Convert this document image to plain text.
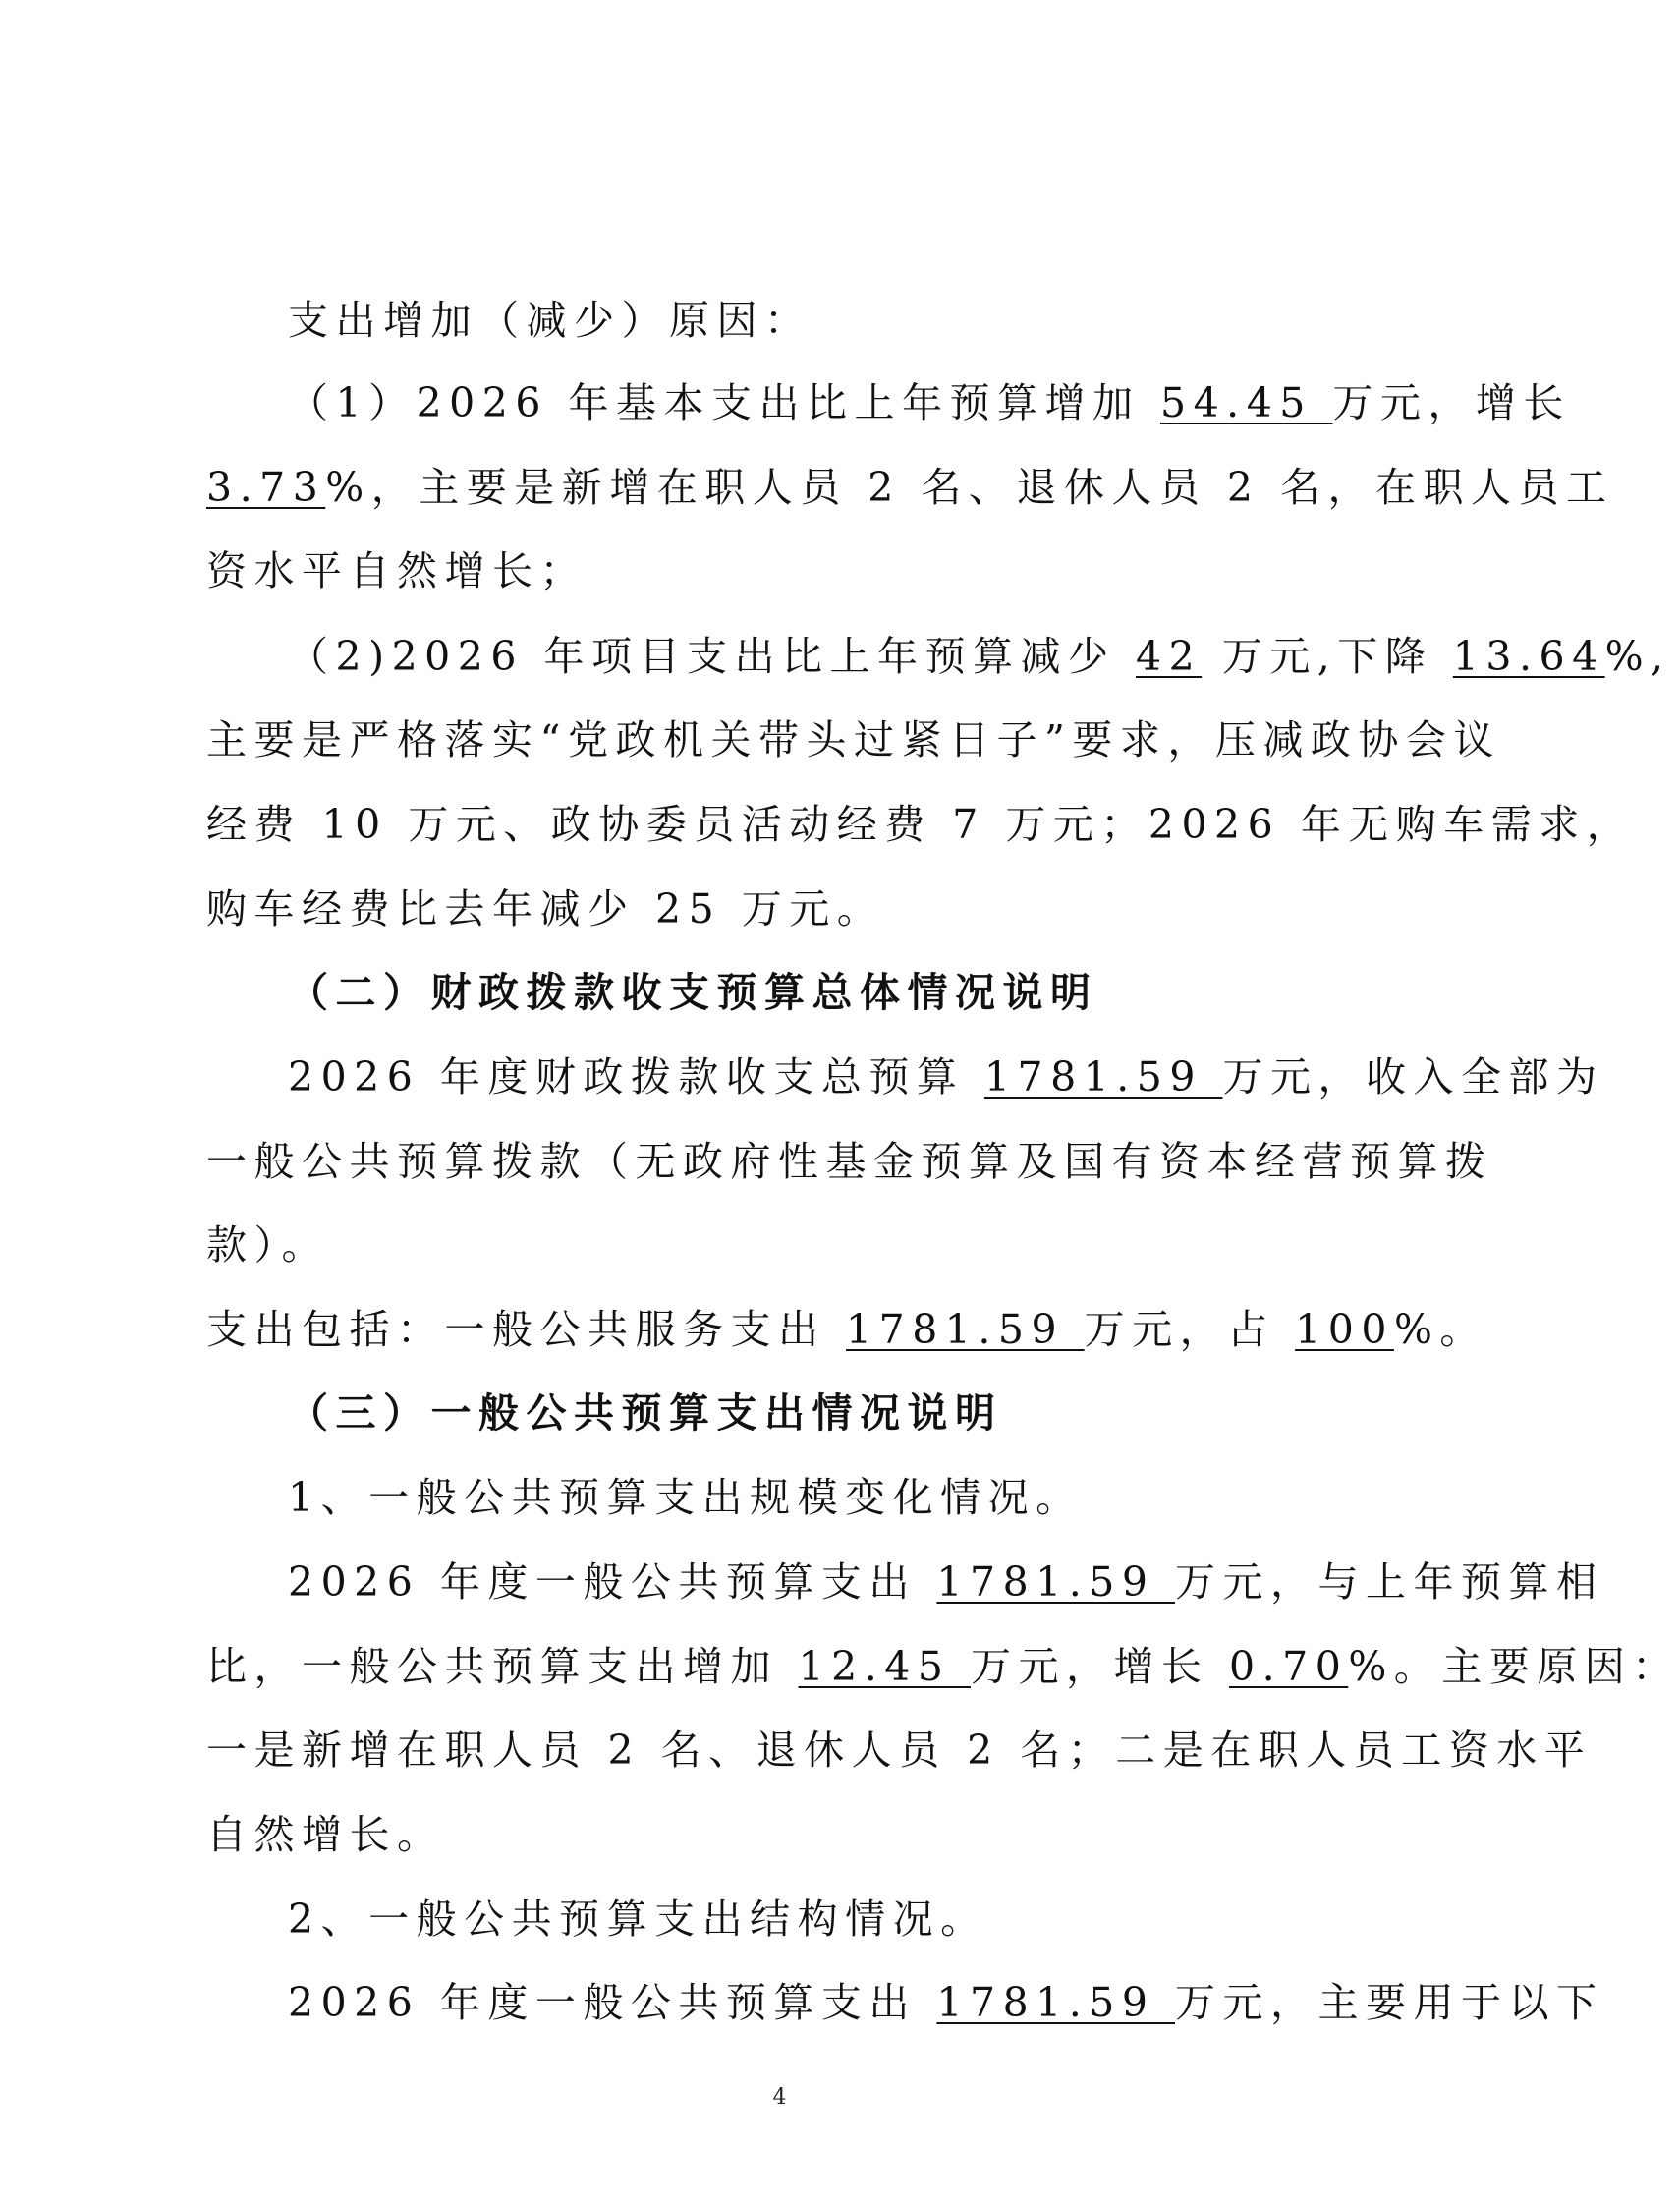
支出增加（减少）原因：
（1）2026 年基本支出比上年预算增加 54.45 万元，增长
3.73%，主要是新增在职人员 2 名、退休人员 2 名，在职人员工
资水平自然增长；
（2)2026 年项目支出比上年预算减少 42 万元,下降 13.64%,
主要是严格落实“党政机关带头过紧日子”要求，压减政协会议
经费 10 万元、政协委员活动经费 7 万元；2026 年无购车需求，
购车经费比去年减少 25 万元。
（二）财政拨款收支预算总体情况说明
2026 年度财政拨款收支总预算 1781.59 万元，收入全部为
一般公共预算拨款（无政府性基金预算及国有资本经营预算拨
款）。
支出包括：一般公共服务支出 1781.59 万元，占 100%。
（三）一般公共预算支出情况说明
1、一般公共预算支出规模变化情况。
2026 年度一般公共预算支出 1781.59 万元，与上年预算相
比，一般公共预算支出增加 12.45 万元，增长 0.70%。主要原因：
一是新增在职人员 2 名、退休人员 2 名；二是在职人员工资水平
自然增长。
2、一般公共预算支出结构情况。
2026 年度一般公共预算支出 1781.59 万元，主要用于以下
4
